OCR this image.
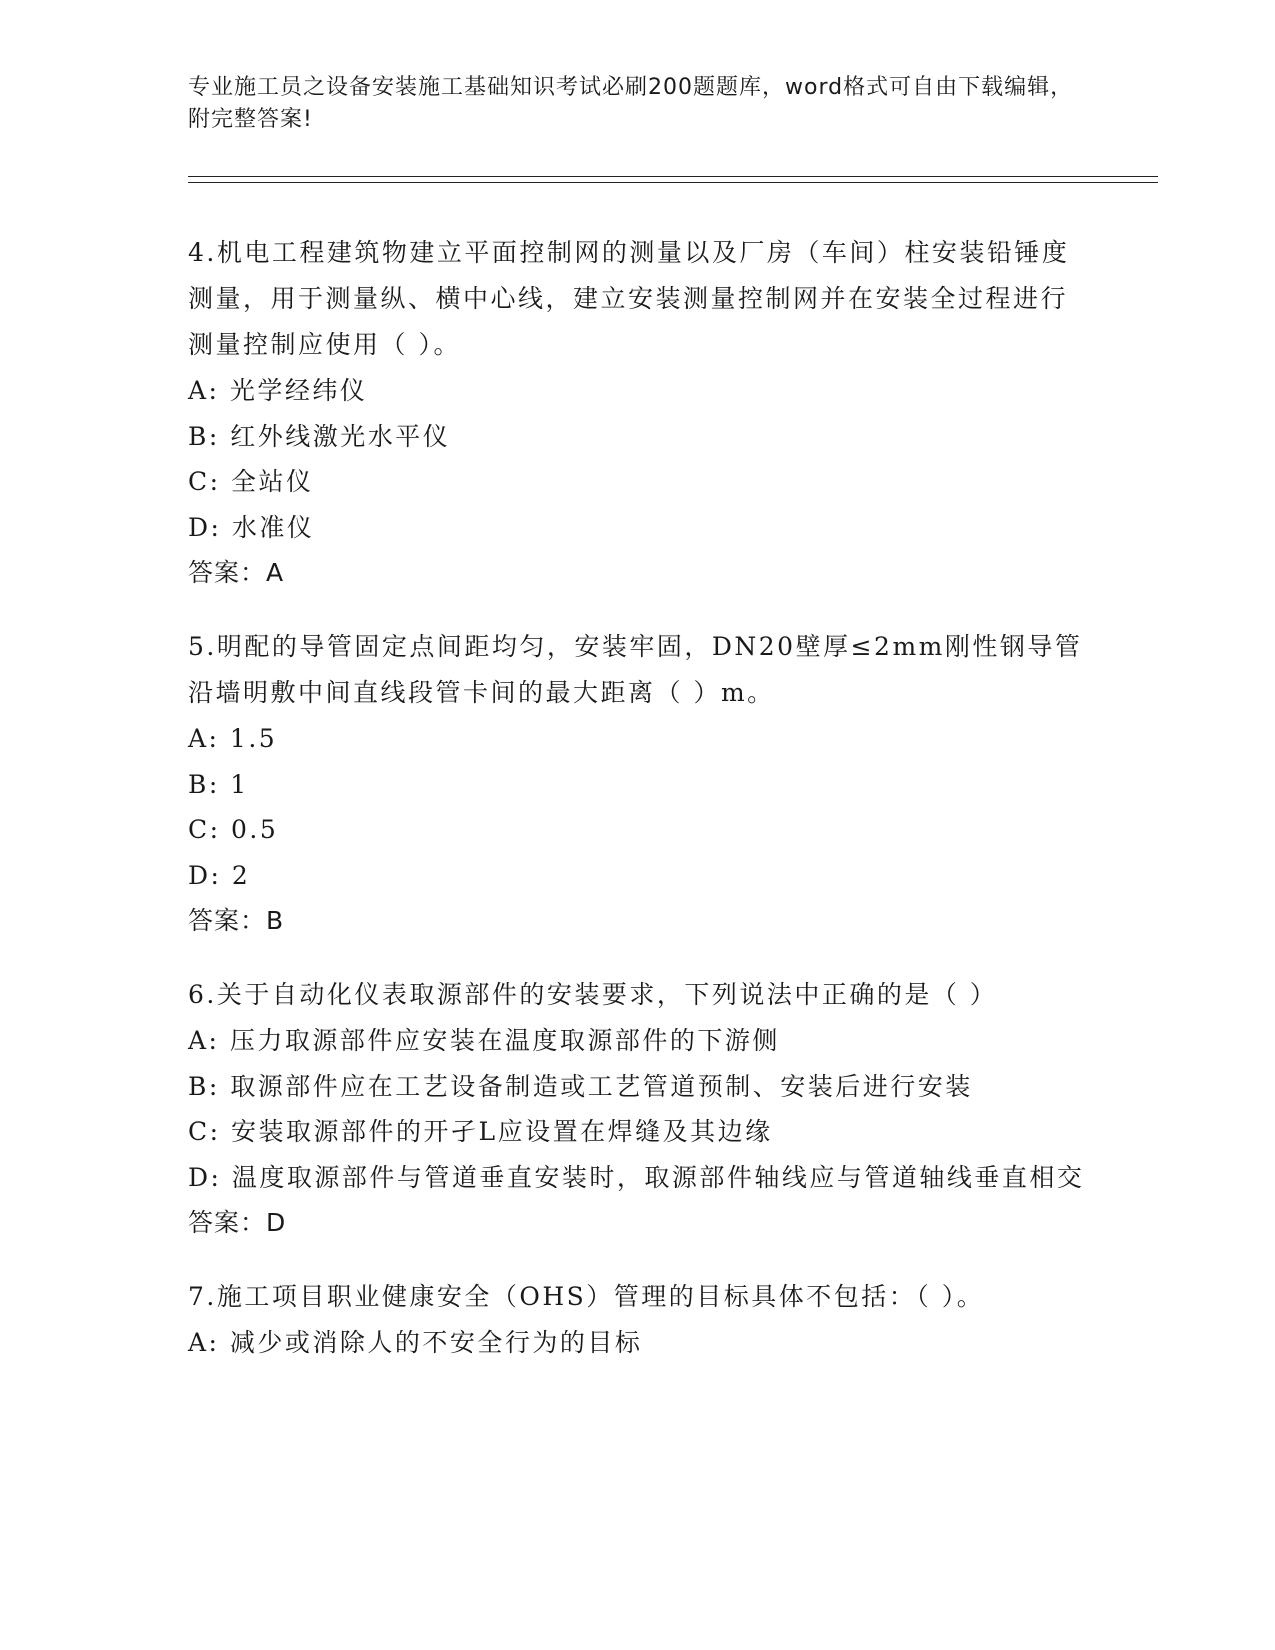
专业施工员之设备安装施工基础知识考试必刷200题题库，word格式可自由下载编辑，附完整答案!
4.机电工程建筑物建立平面控制网的测量以及厂房（车间）柱安装铅锤度测量，用于测量纵、横中心线，建立安装测量控制网并在安装全过程进行测量控制应使用（ ）。
A: 光学经纬仪
B: 红外线激光水平仪
C: 全站仪
D: 水准仪
答案：A
5.明配的导管固定点间距均匀，安装牢固，DN20壁厚≤2mm刚性钢导管沿墙明敷中间直线段管卡间的最大距离（ ）m。
A: 1.5
B: 1
C: 0.5
D: 2
答案：B
6.关于自动化仪表取源部件的安装要求，下列说法中正确的是（ ）
A: 压力取源部件应安装在温度取源部件的下游侧
B: 取源部件应在工艺设备制造或工艺管道预制、安装后进行安装
C: 安装取源部件的开孑L应设置在焊缝及其边缘
D: 温度取源部件与管道垂直安装时，取源部件轴线应与管道轴线垂直相交
答案：D
7.施工项目职业健康安全（OHS）管理的目标具体不包括：（ ）。
A: 减少或消除人的不安全行为的目标
